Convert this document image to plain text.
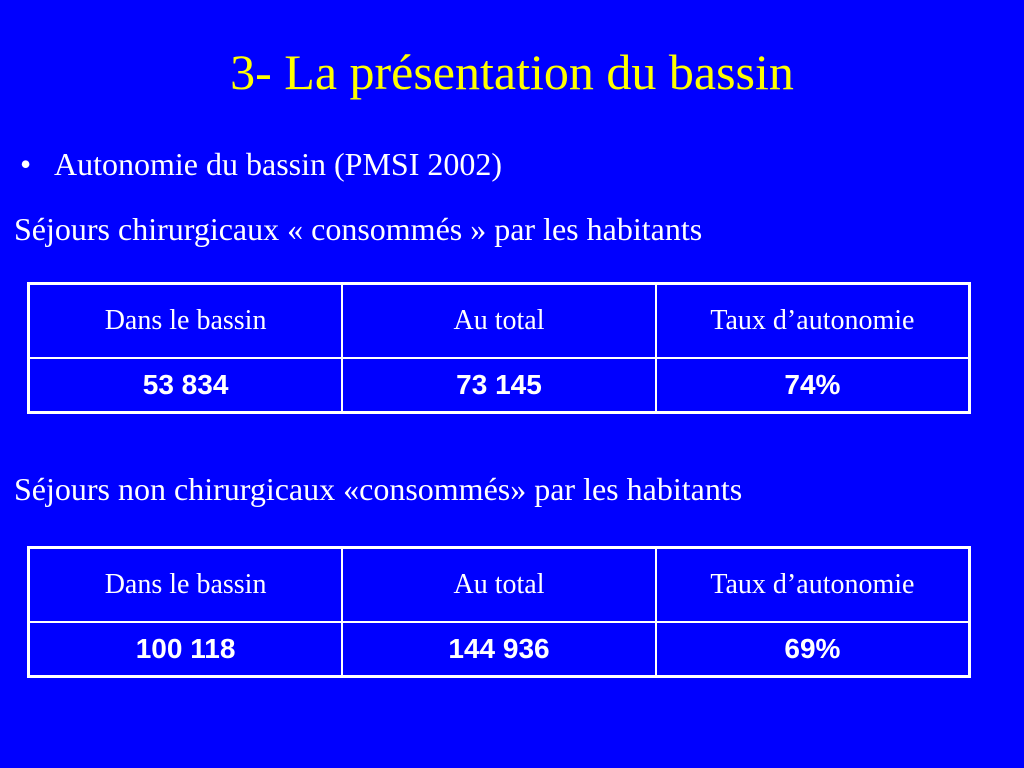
3- La présentation du bassin
• Autonomie du bassin (PMSI 2002)
Séjours chirurgicaux « consommés » par les habitants
Dans le bassin	Au total	Taux d’autonomie
53 834	73 145	74%
Séjours non chirurgicaux «consommés» par les habitants
Dans le bassin	Au total	Taux d’autonomie
100 118	144 936	69%
